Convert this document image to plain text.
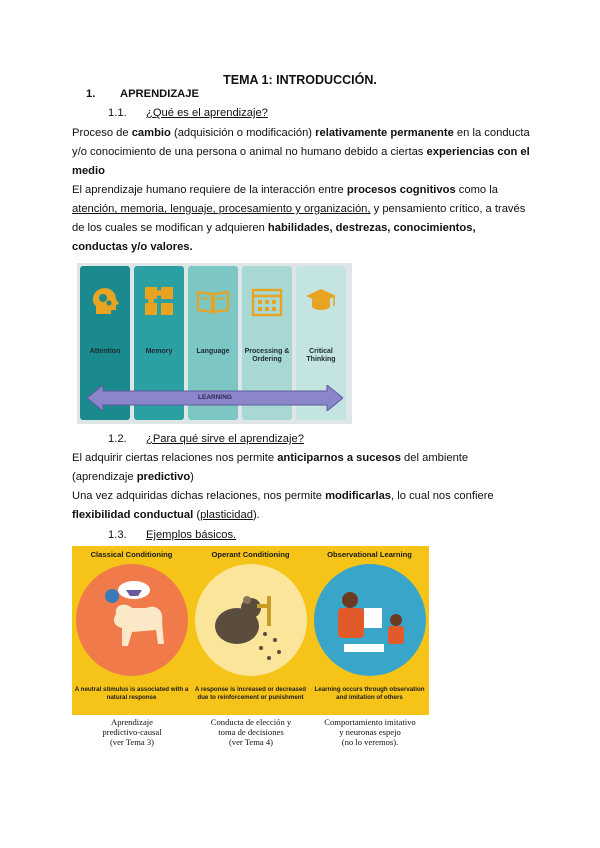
TEMA 1: INTRODUCCIÓN.
1. APRENDIZAJE
1.1. ¿Qué es el aprendizaje?
Proceso de cambio (adquisición o modificación) relativamente permanente en la conducta
y/o conocimiento de una persona o animal no humano debido a ciertas experiencias con el
medio
El aprendizaje humano requiere de la interacción entre procesos cognitivos como la
atención, memoria, lenguaje, procesamiento y organización, y pensamiento crítico, a través
de los cuales se modifican y adquieren habilidades, destrezas, conocimientos,
conductas y/o valores.
Attention	Memory	Language	Processing & Ordering
Critical Thinking
LEARNING
1.2. ¿Para qué sirve el aprendizaje?
El adquirir ciertas relaciones nos permite anticiparnos a sucesos del ambiente
(aprendizaje predictivo)
Una vez adquiridas dichas relaciones, nos permite modificarlas, lo cual nos confiere
flexibilidad conductual (plasticidad).
1.3. Ejemplos básicos.
Classical Conditioning
A neutral stimulus is associated with a natural response
Operant Conditioning
A response is increased or decreased due to reinforcement or punishment
Observational Learning
Learning occurs through observation and imitation of others
Aprendizaje
predictivo-causal
(ver Tema 3)
Conducta de elección y
toma de decisiones
(ver Tema 4)
Comportamiento imitativo
y neuronas espejo
(no lo veremos).
